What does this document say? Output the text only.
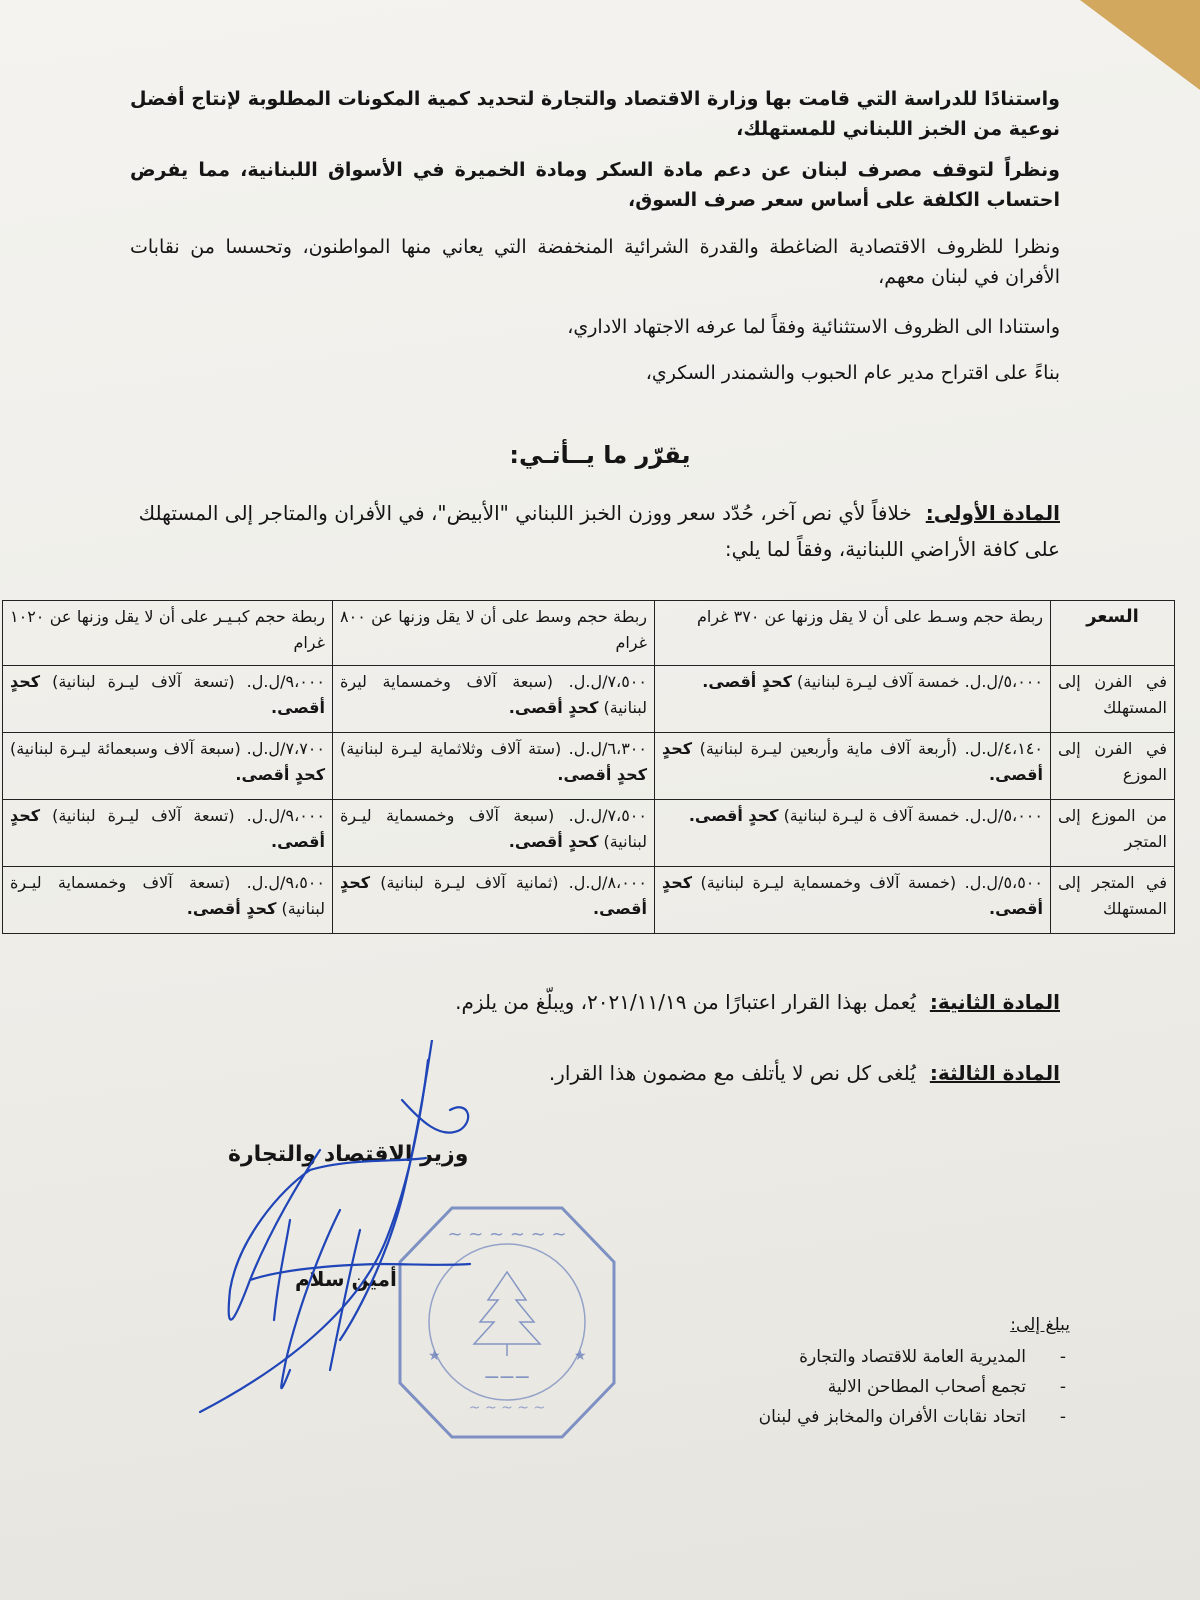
واستنادًا للدراسة التي قامت بها وزارة الاقتصاد والتجارة لتحديد كمية المكونات المطلوبة لإنتاج أفضل نوعية من الخبز اللبناني للمستهلك،

ونظراً لتوقف مصرف لبنان عن دعم مادة السكر ومادة الخميرة في الأسواق اللبنانية، مما يفرض احتساب الكلفة على أساس سعر صرف السوق،

ونظرا للظروف الاقتصادية الضاغطة والقدرة الشرائية المنخفضة التي يعاني منها المواطنون، وتحسسا من نقابات الأفران في لبنان معهم،

واستنادا الى الظروف الاستثنائية وفقاً لما عرفه الاجتهاد الاداري،

بناءً على اقتراح مدير عام الحبوب والشمندر السكري،

يقرّر ما يــأتـي:

المادة الأولى:خلافاً لأي نص آخر، حُدّد سعر ووزن الخبز اللبناني "الأبيض"، في الأفران والمتاجر إلى المستهلك على كافة الأراضي اللبنانية، وفقاً لما يلي:

السعر	ربطة حجم وسـط على أن لا يقل وزنها عن ٣٧٠ غرام	ربطة حجم وسط على أن لا يقل وزنها عن ٨٠٠ غرام	ربطة حجم كبـيـر على أن لا يقل وزنها عن ١٠٢٠ غرام
في الفرن إلى المستهلك	٥،٠٠٠/ل.ل. خمسة آلاف ليـرة لبنانية) كحدٍ أقصى.	٧،٥٠٠/ل.ل. (سبعة آلاف وخمسماية ليرة لبنانية) كحدٍ أقصى.	٩،٠٠٠/ل.ل. (تسعة آلاف ليـرة لبنانية) كحدٍ أقصى.
في الفرن إلى الموزع	٤،١٤٠/ل.ل. (أربعة آلاف ماية وأربعين ليـرة لبنانية) كحدٍ أقصى.	٦،٣٠٠/ل.ل. (ستة آلاف وثلاثماية ليـرة لبنانية) كحدٍ أقصى.	٧،٧٠٠/ل.ل. (سبعة آلاف وسبعمائة ليـرة لبنانية) كحدٍ أقصى.
من الموزع إلى المتجر	٥،٠٠٠/ل.ل. خمسة آلاف ة ليـرة لبنانية) كحدٍ أقصى.	٧،٥٠٠/ل.ل. (سبعة آلاف وخمسماية ليـرة لبنانية) كحدٍ أقصى.	٩،٠٠٠/ل.ل. (تسعة آلاف ليـرة لبنانية) كحدٍ أقصى.
في المتجر إلى المستهلك	٥،٥٠٠/ل.ل. (خمسة آلاف وخمسماية ليـرة لبنانية) كحدٍ أقصى.	٨،٠٠٠/ل.ل. (ثمانية آلاف ليـرة لبنانية) كحدٍ أقصى.	٩،٥٠٠/ل.ل. (تسعة آلاف وخمسماية ليـرة لبنانية) كحدٍ أقصى.

المادة الثانية:يُعمل بهذا القرار اعتبارًا من ٢٠٢١/١١/١٩، ويبلّغ من يلزم.

المادة الثالثة:يُلغى كل نص لا يأتلف مع مضمون هذا القرار.

وزير الاقتصاد والتجارة

أمين سلام

يبلغ إلى:
- المديرية العامة للاقتصاد والتجارة
- تجمع أصحاب المطاحن الالية
- اتحاد نقابات الأفران والمخابز في لبنان
~ ~ ~ ~ ~ ~
★	★
‒‒‒
~ ~ ~ ~ ~
